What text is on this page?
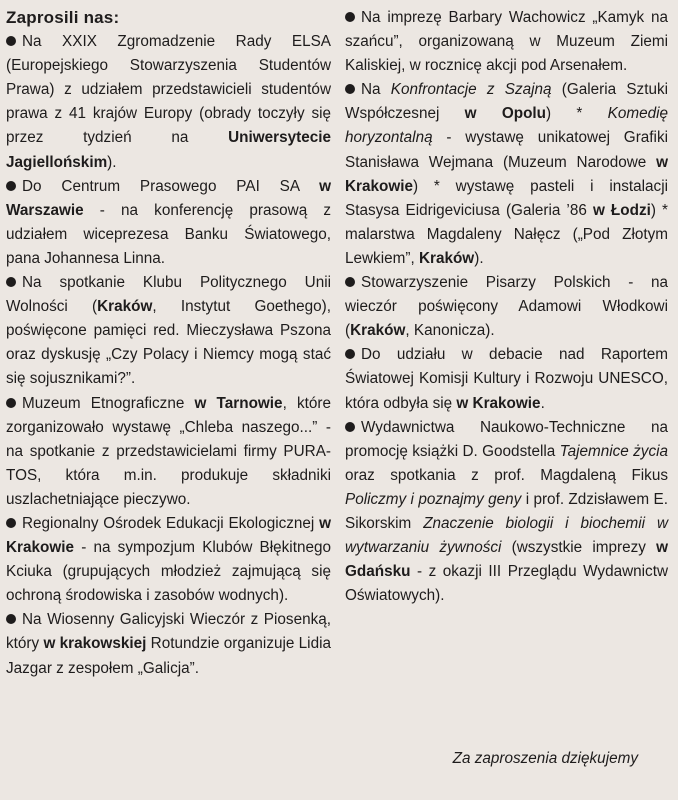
Zaprosili nas:

Na XXIX Zgromadzenie Rady ELSA (Europejskiego Stowarzyszenia Studentów Prawa) z udziałem przedstawicieli studentów prawa z 41 krajów Europy (obrady toczyły się przez tydzień na Uniwersytecie Jagiellońskim).

Do Centrum Prasowego PAI SA w Warszawie - na konferencję prasową z udziałem wiceprezesa Banku Światowego, pana Johannesa Linna.

Na spotkanie Klubu Politycznego Unii Wolności (Kraków, Instytut Goethego), poświęcone pamięci red. Mieczysława Pszona oraz dyskusję „Czy Polacy i Niemcy mogą stać się sojusznikami?”.

Muzeum Etnograficzne w Tarnowie, które zorganizowało wystawę „Chleba naszego...” - na spotkanie z przedstawicielami firmy PURA-TOS, która m.in. produkuje składniki uszlachetniające pieczywo.

Regionalny Ośrodek Edukacji Ekologicznej w Krakowie - na sympozjum Klubów Błękitnego Kciuka (grupujących młodzież zajmującą się ochroną środowiska i zasobów wodnych).

Na Wiosenny Galicyjski Wieczór z Piosenką, który w krakowskiej Rotundzie organizuje Lidia Jazgar z zespołem „Galicja”.

Na imprezę Barbary Wachowicz „Kamyk na szańcu”, organizowaną w Muzeum Ziemi Kaliskiej, w rocznicę akcji pod Arsenałem.

Na Konfrontacje z Szajną (Galeria Sztuki Współczesnej w Opolu) * Komedię horyzontalną - wystawę unikatowej Grafiki Stanisława Wejmana (Muzeum Narodowe w Krakowie) * wystawę pasteli i instalacji Stasysa Eidrigeviciusa (Galeria ’86 w Łodzi) * malarstwa Magdaleny Nałęcz („Pod Złotym Lewkiem”, Kraków).

Stowarzyszenie Pisarzy Polskich - na wieczór poświęcony Adamowi Włodkowi (Kraków, Kanonicza).

Do udziału w debacie nad Raportem Światowej Komisji Kultury i Rozwoju UNESCO, która odbyła się w Krakowie.

Wydawnictwa Naukowo-Techniczne na promocję książki D. Goodstella Tajemnice życia oraz spotkania z prof. Magdaleną Fikus Policzmy i poznajmy geny i prof. Zdzisławem E. Sikorskim Znaczenie biologii i biochemii w wytwarzaniu żywności (wszystkie imprezy w Gdańsku - z okazji III Przeglądu Wydawnictw Oświatowych).

Za zaproszenia dziękujemy
